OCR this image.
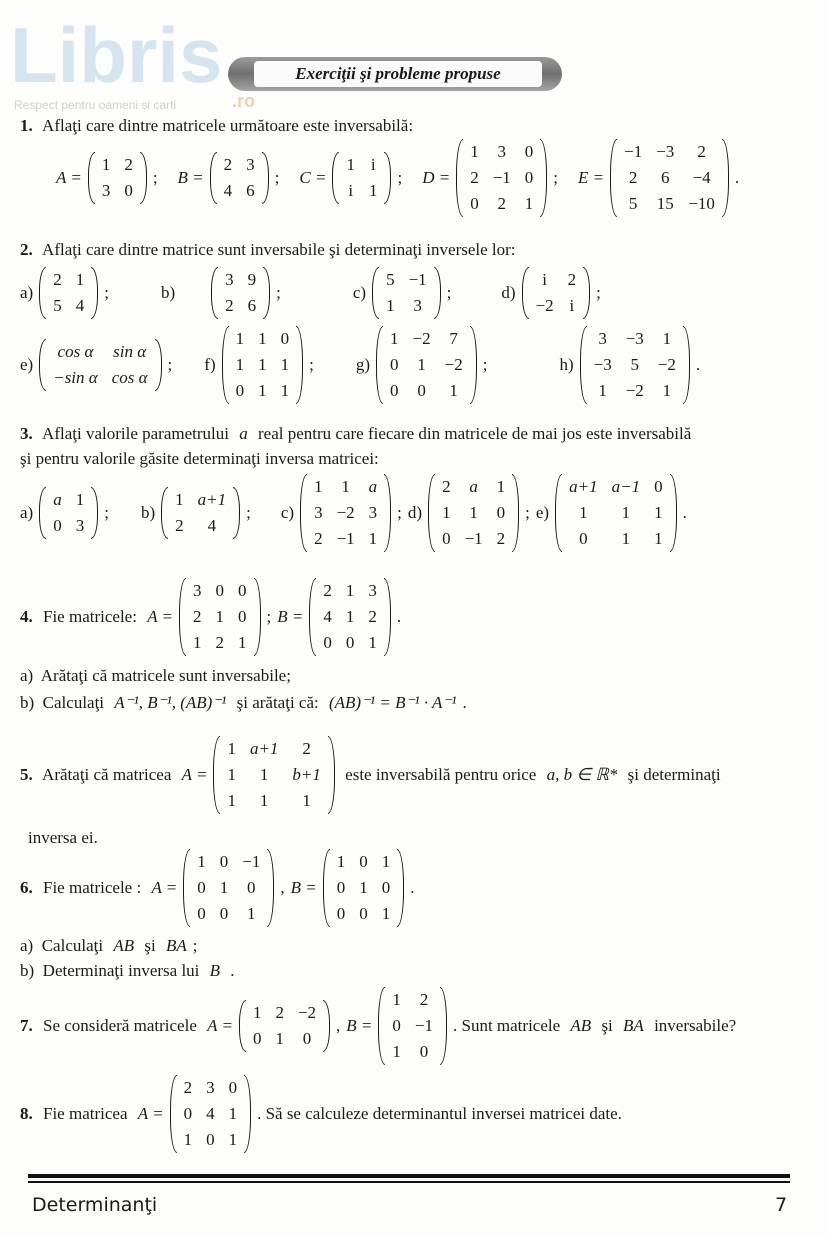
Libris
Respect pentru oameni si carti
Exerciţii şi probleme propuse
.ro
1. Aflaţi care dintre matricele următoare este inversabilă:
A =
1	2
3	0
; B =
2	3
4	6
; C =
1	i
i	1
; D =
1	3	0
2	−1	0
0	2	1
; E =
−1	−3	2
2	6	−4
5	15	−10
.
2. Aflaţi care dintre matrice sunt inversabile şi determinaţi inversele lor:
a)
2	1
5	4
;	b)
3	9
2	6
;	c)
5	−1
1	3
;	d)
i	2
−2	i
;
e)
cos α	sin α
−sin α	cos α
; f)
1	1	0
1	1	1
0	1	1
; g)
1	−2	7
0	1	−2
0	0	1
;	h)
3	−3	1
−3	5	−2
1	−2	1
.
3. Aflaţi valorile parametrului a real pentru care fiecare din matricele de mai jos este inversabilă
şi pentru valorile găsite determinaţi inversa matricei:
a)
a	1
0	3
; b)
1	a+1
2	4
; c)
1	1	a
3	−2	3
2	−1	1
; d)
2	a	1
1	1	0
0	−1	2
; e)
a+1	a−1	0
1	1	1
0	1	1
.
4. Fie matricele: A =
3	0	0
2	1	0
1	2	1
; B =
2	1	3
4	1	2
0	0	1
.
a)  Arătaţi că matricele sunt inversabile;
b)  Calculaţi A⁻¹, B⁻¹, (AB)⁻¹ şi arătaţi că: (AB)⁻¹ = B⁻¹ · A⁻¹ .
5. Arătaţi că matricea A =
1	a+1	2
1	1	b+1
1	1	1
este inversabilă pentru orice a, b ∈ ℝ* şi determinaţi
inversa ei.
6. Fie matricele : A =
1	0	−1
0	1	0
0	0	1
, B =
1	0	1
0	1	0
0	0	1
.
a)  Calculaţi AB şi BA ;
b)  Determinaţi inversa lui B .
7. Se consideră matricele A =
1	2	−2
0	1	0
, B =
1	2
0	−1
1	0
. Sunt matricele AB şi BA inversabile?
8. Fie matricea A =
2	3	0
0	4	1
1	0	1
. Să se calculeze determinantul inversei matricei date.
Determinanţi	7
